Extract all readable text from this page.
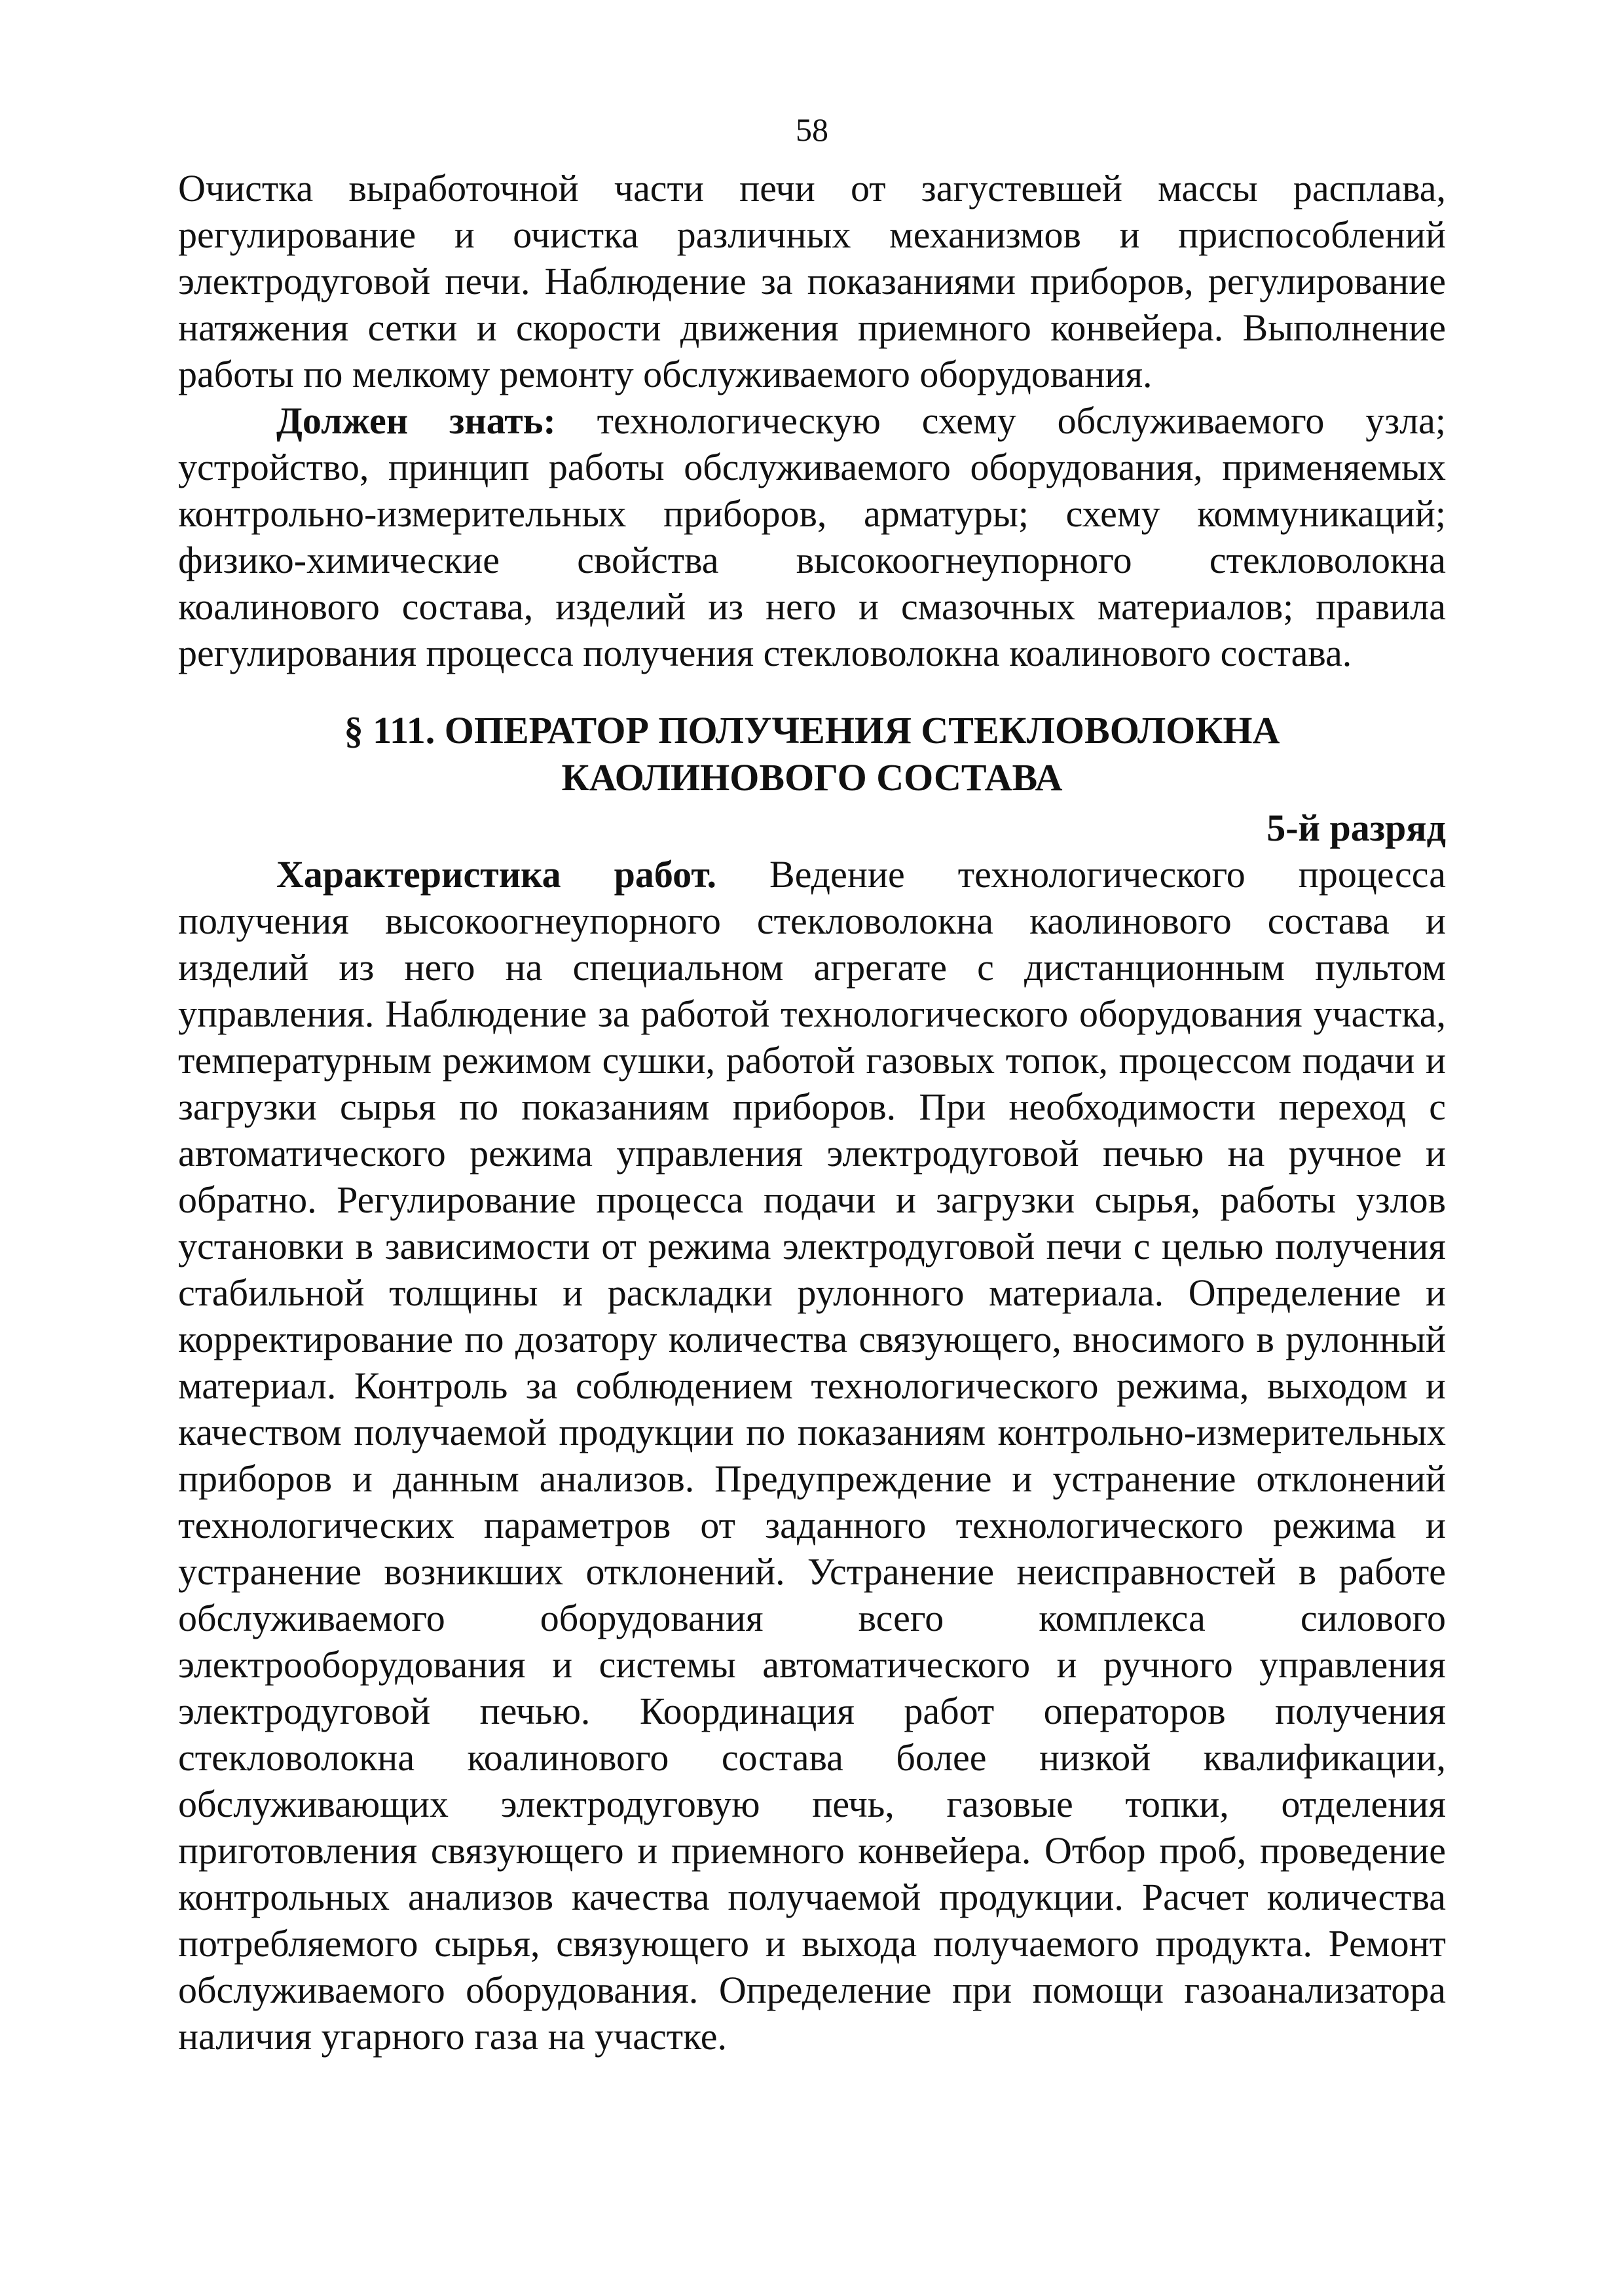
58

Очистка выработочной части печи от загустевшей массы расплава, регулирование и очистка различных механизмов и приспособлений электродуговой печи. Наблюдение за показаниями приборов, регулирование натяжения сетки и скорости движения приемного конвейера. Выполнение работы по мелкому ремонту обслуживаемого оборудования.

Должен знать: технологическую схему обслуживаемого узла; устройство, принцип работы обслуживаемого оборудования, применяемых контрольно-измерительных приборов, арматуры; схему коммуникаций; физико-химические свойства высокоогнеупорного стекловолокна коалинового состава, изделий из него и смазочных материалов; правила регулирования процесса получения стекловолокна коалинового состава.

§ 111. ОПЕРАТОР ПОЛУЧЕНИЯ СТЕКЛОВОЛОКНА
КАОЛИНОВОГО СОСТАВА
5-й разряд

Характеристика работ. Ведение технологического процесса получения высокоогнеупорного стекловолокна каолинового состава и изделий из него на специальном агрегате с дистанционным пультом управления. Наблюдение за работой технологического оборудования участка, температурным режимом сушки, работой газовых топок, процессом подачи и загрузки сырья по показаниям приборов. При необходимости переход с автоматического режима управления электродуговой печью на ручное и обратно. Регулирование процесса подачи и загрузки сырья, работы узлов установки в зависимости от режима электродуговой печи с целью получения стабильной толщины и раскладки рулонного материала. Определение и корректирование по дозатору количества связующего, вносимого в рулонный материал. Контроль за соблюдением технологического режима, выходом и качеством получаемой продукции по показаниям контрольно-измерительных приборов и данным анализов. Предупреждение и устранение отклонений технологических параметров от заданного технологического режима и устранение возникших отклонений. Устранение неисправностей в работе обслуживаемого оборудования всего комплекса силового электрооборудования и системы автоматического и ручного управления электродуговой печью. Координация работ операторов получения стекловолокна коалинового состава более низкой квалификации, обслуживающих электродуговую печь, газовые топки, отделения приготовления связующего и приемного конвейера. Отбор проб, проведение контрольных анализов качества получаемой продукции. Расчет количества потребляемого сырья, связующего и выхода получаемого продукта. Ремонт обслуживаемого оборудования. Определение при помощи газоанализатора наличия угарного газа на участке.
